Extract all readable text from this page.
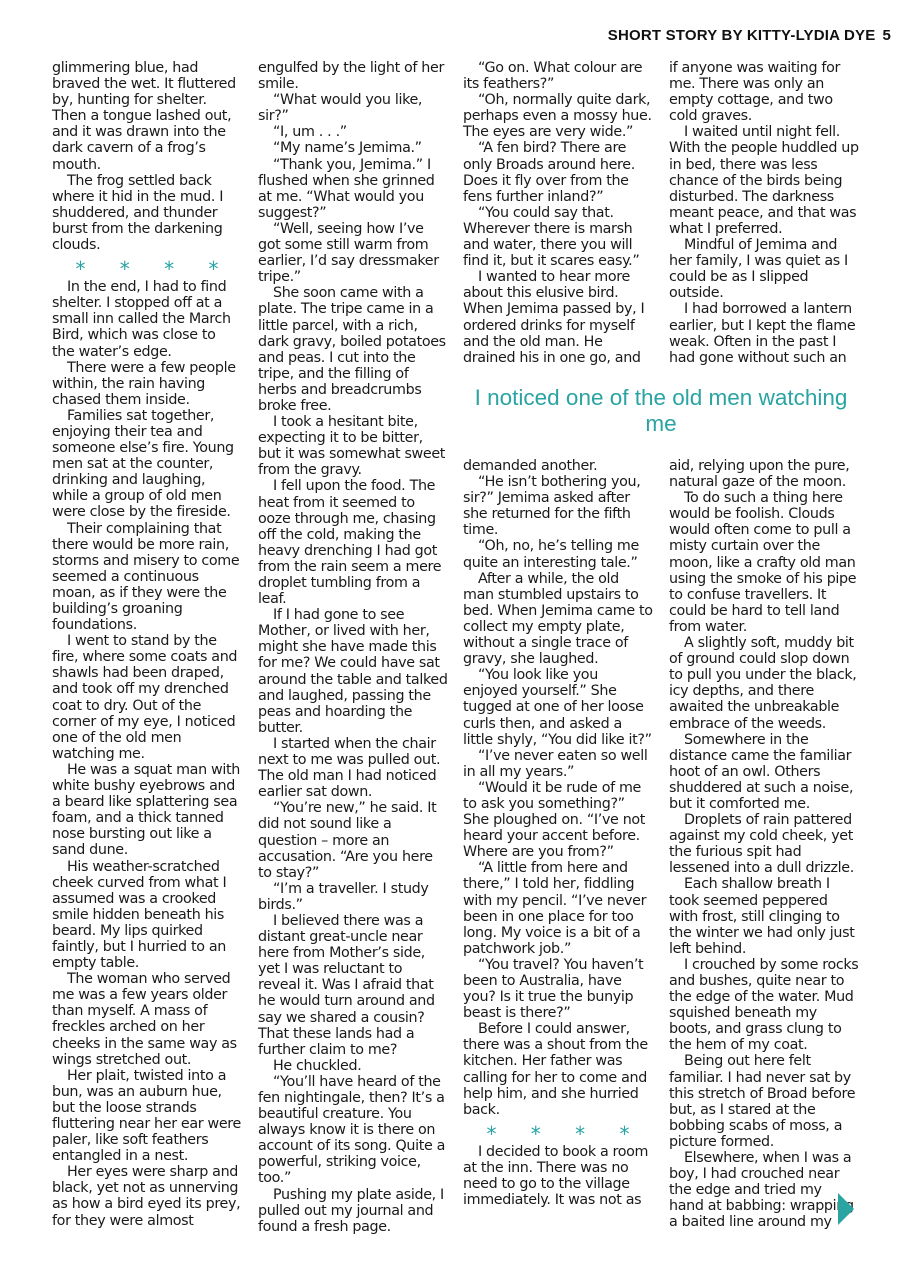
SHORT STORY BY KITTY-LYDIA DYE 5

glimmering blue, had braved the wet. It fluttered by, hunting for shelter. Then a tongue lashed out, and it was drawn into the dark cavern of a frog’s mouth.

The frog settled back where it hid in the mud. I shuddered, and thunder burst from the darkening clouds.

* * * *

In the end, I had to find shelter. I stopped off at a small inn called the March Bird, which was close to the water’s edge.

There were a few people within, the rain having chased them inside.

Families sat together, enjoying their tea and someone else’s fire. Young men sat at the counter, drinking and laughing, while a group of old men were close by the fireside.

Their complaining that there would be more rain, storms and misery to come seemed a continuous moan, as if they were the building’s groaning foundations.

I went to stand by the fire, where some coats and shawls had been draped, and took off my drenched coat to dry. Out of the corner of my eye, I noticed one of the old men watching me.

He was a squat man with white bushy eyebrows and a beard like splattering sea foam, and a thick tanned nose bursting out like a sand dune.

His weather-scratched cheek curved from what I assumed was a crooked smile hidden beneath his beard. My lips quirked faintly, but I hurried to an empty table.

The woman who served me was a few years older than myself. A mass of freckles arched on her cheeks in the same way as wings stretched out.

Her plait, twisted into a bun, was an auburn hue, but the loose strands fluttering near her ear were paler, like soft feathers entangled in a nest.

Her eyes were sharp and black, yet not as unnerving as how a bird eyed its prey, for they were almost

engulfed by the light of her smile.

“What would you like, sir?”

“I, um . . .”

“My name’s Jemima.”

“Thank you, Jemima.” I flushed when she grinned at me. “What would you suggest?”

“Well, seeing how I’ve got some still warm from earlier, I’d say dressmaker tripe.”

She soon came with a plate. The tripe came in a little parcel, with a rich, dark gravy, boiled potatoes and peas. I cut into the tripe, and the filling of herbs and breadcrumbs broke free.

I took a hesitant bite, expecting it to be bitter, but it was somewhat sweet from the gravy.

I fell upon the food. The heat from it seemed to ooze through me, chasing off the cold, making the heavy drenching I had got from the rain seem a mere droplet tumbling from a leaf.

If I had gone to see Mother, or lived with her, might she have made this for me? We could have sat around the table and talked and laughed, passing the peas and hoarding the butter.

I started when the chair next to me was pulled out. The old man I had noticed earlier sat down.

“You’re new,” he said. It did not sound like a question – more an accusation. “Are you here to stay?”

“I’m a traveller. I study birds.”

I believed there was a distant great-uncle near here from Mother’s side, yet I was reluctant to reveal it. Was I afraid that he would turn around and say we shared a cousin? That these lands had a further claim to me?

He chuckled.

“You’ll have heard of the fen nightingale, then? It’s a beautiful creature. You always know it is there on account of its song. Quite a powerful, striking voice, too.”

Pushing my plate aside, I pulled out my journal and found a fresh page.

“Go on. What colour are its feathers?”

“Oh, normally quite dark, perhaps even a mossy hue. The eyes are very wide.”

“A fen bird? There are only Broads around here. Does it fly over from the fens further inland?”

“You could say that. Wherever there is marsh and water, there you will find it, but it scares easy.”

I wanted to hear more about this elusive bird. When Jemima passed by, I ordered drinks for myself and the old man. He drained his in one go, and

if anyone was waiting for me. There was only an empty cottage, and two cold graves.

I waited until night fell. With the people huddled up in bed, there was less chance of the birds being disturbed. The darkness meant peace, and that was what I preferred.

Mindful of Jemima and her family, I was quiet as I could be as I slipped outside.

I had borrowed a lantern earlier, but I kept the flame weak. Often in the past I had gone without such an

I noticed one of the old men watching me

demanded another.

“He isn’t bothering you, sir?” Jemima asked after she returned for the fifth time.

“Oh, no, he’s telling me quite an interesting tale.”

After a while, the old man stumbled upstairs to bed. When Jemima came to collect my empty plate, without a single trace of gravy, she laughed.

“You look like you enjoyed yourself.” She tugged at one of her loose curls then, and asked a little shyly, “You did like it?”

“I’ve never eaten so well in all my years.”

“Would it be rude of me to ask you something?” She ploughed on. “I’ve not heard your accent before. Where are you from?”

“A little from here and there,” I told her, fiddling with my pencil. “I’ve never been in one place for too long. My voice is a bit of a patchwork job.”

“You travel? You haven’t been to Australia, have you? Is it true the bunyip beast is there?”

Before I could answer, there was a shout from the kitchen. Her father was calling for her to come and help him, and she hurried back.

* * * *

I decided to book a room at the inn. There was no need to go to the village immediately. It was not as

aid, relying upon the pure, natural gaze of the moon.

To do such a thing here would be foolish. Clouds would often come to pull a misty curtain over the moon, like a crafty old man using the smoke of his pipe to confuse travellers. It could be hard to tell land from water.

A slightly soft, muddy bit of ground could slop down to pull you under the black, icy depths, and there awaited the unbreakable embrace of the weeds.

Somewhere in the distance came the familiar hoot of an owl. Others shuddered at such a noise, but it comforted me.

Droplets of rain pattered against my cold cheek, yet the furious spit had lessened into a dull drizzle.

Each shallow breath I took seemed peppered with frost, still clinging to the winter we had only just left behind.

I crouched by some rocks and bushes, quite near to the edge of the water. Mud squished beneath my boots, and grass clung to the hem of my coat.

Being out here felt familiar. I had never sat by this stretch of Broad before but, as I stared at the bobbing scabs of moss, a picture formed.

Elsewhere, when I was a boy, I had crouched near the edge and tried my hand at babbing: wrapping a baited line around my
